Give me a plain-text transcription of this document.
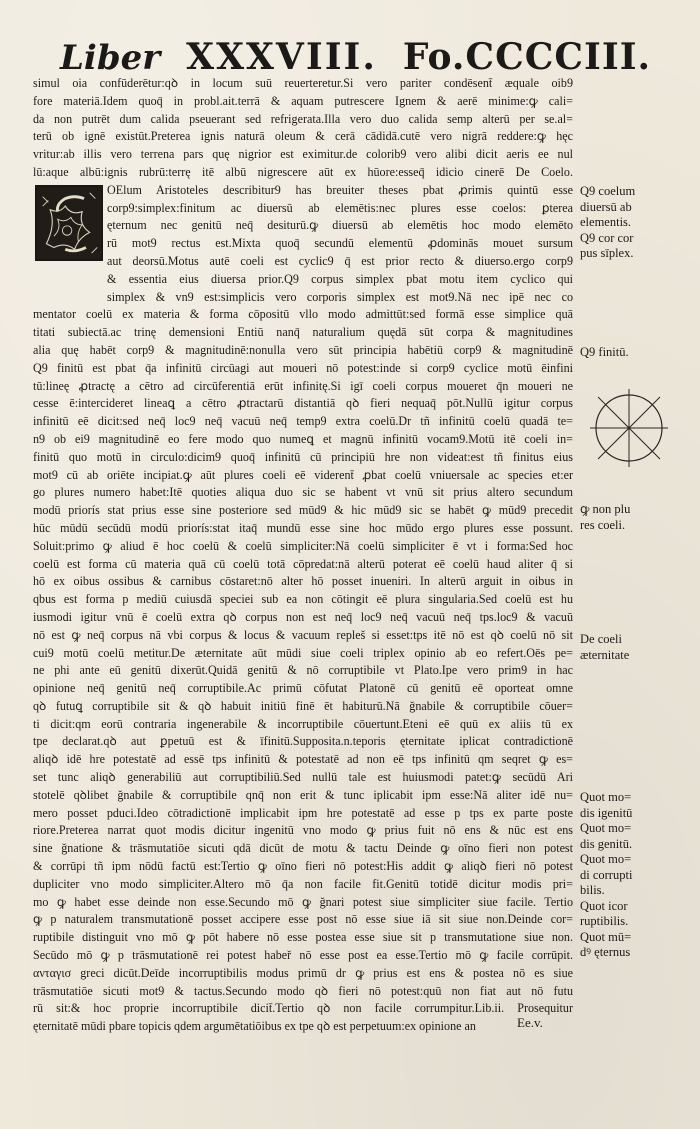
Liber XXXVIII. Fo.CCCCIII.
simul oia confūderētur:qꝺ in locum suū reuerteretur.Si vero pariter condēsent̄ æquale oib9
fore materiā.Idem quoq̄ in probl.ait.terrā & aquam putrescere Ignem & aerē minime:ꝙ cali=
da non putrēt dum calida pseuerant sed refrigerata.Illa vero duo calida semp alterū per se.al=
terū ob ignē existūt.Preterea ignis naturā oleum & cerā cādidā.cutē vero nigrā reddere:ꝙ hęc
vritur:ab illis vero terrena pars quę nigrior est eximitur.de colorib9 vero alibi dicit aeris ee nul
lū:aque albū:ignis rubrū:terrę itē albū nigrescere aūt ex hūore:esseq̄ idicio cinerē De Coelo.
OElum Aristoteles describitur9 has breuiter theses pbat ꝓrimis quintū esse
corp9:simplex:finitum ac diuersū ab elemētis:nec plures esse coelos: ꝑterea
ęternum nec genitū neq̄ desiturū.ꝙ diuersū ab elemētis hoc modo elemēto
rū mot9 rectus est.Mixta quoq̄ secundū elementū ꝓdominās mouet sursum
aut deorsū.Motus autē coeli est cyclic9 q̄ est prior recto & diuerso.ergo corp9
& essentia eius diuersa prior.Q9 corpus simplex pbat motu item cyclico qui
simplex & vn9 est:simplicis vero corporis simplex est mot9.Nā nec ipē nec co
mentator coelū ex materia & forma cōpositū vllo modo admittūt:sed formā esse simplice quā
titati subiectā.ac trinę demensioni Entiū nanq̄ naturalium quędā sūt corpa & magnitudines
alia quę habēt corp9 & magnitudinē:nonulla vero sūt principia habētiū corp9 & magnitudinē
Q9 finitū est pbat q̄a infinitū circūagi aut moueri nō potest:inde si corp9 cyclice motū ēinfini
tū:lineę ꝓtractę a cētro ad circūferentiā erūt infinitę.Si igī coeli corpus moueret q̄n moueri ne
cesse ē:intercideret lineaꝗ a cētro ꝓtractarū distantiā qꝺ fieri nequaq̄ pōt.Nullū igitur corpus
infinitū eē dicit:sed neq̄ loc9 neq̄ vacuū neq̄ temp9 extra coelū.Dr tñ infinitū coelū quadā te=
n9 ob ei9 magnitudinē eo fere modo quo numeꝗ et magnū infinitū vocam9.Motū itē coeli in=
finitū quo motū in circulo:dicim9 quoq̄ infinitū cū principiū hre non videat:est tñ finitus eius
mot9 cū ab oriēte incipiat.ꝙ aūt plures coeli eē viderent̄ ꝓbat coelū vniuersale ac species et:er
go plures numero habet:Itē quoties aliqua duo sic se habent vt vnū sit prius altero secundum
modū priorís stat prius esse sine posteriore sed mūd9 & hic mūd9 sic se habēt ꝙ mūd9 precedit
hūc mūdū secūdū modū priorís:stat itaq̄ mundū esse sine hoc mūdo ergo plures esse possunt.
Soluit:primo ꝙ aliud ē hoc coelū & coelū simpliciter:Nā coelū simpliciter ē vt i forma:Sed hoc
coelū est forma cū materia quā cū coelū totā cōpredat:nā alterū poterat eē coelū haud aliter q̄ si
hō ex oibus ossibus & carnibus cōstaret:nō alter hō posset inueniri. In alterū arguit in oibus in
qbus est forma p mediū cuiusdā speciei sub ea non cōtingit eē plura singularia.Sed coelū est hu
iusmodi igitur vnū ē coelū extra qꝺ corpus non est neq̄ loc9 neq̄ vacuū neq̄ tps.loc9 & vacuū
nō est ꝙ neq̄ corpus nā vbi corpus & locus & vacuum repleš si esset:tps itē nō est qꝺ coelū nō sit
cui9 motū coelū metitur.De æternitate aūt mūdi siue coeli triplex opinio ab eo refert.Oēs pe=
ne phi ante eū genitū dixerūt.Quidā genitū & nō corruptibile vt Plato.Ipe vero prim9 in hac
opinione neq̄ genitū neq̄ corruptibile.Ac primū cōfutat Platonē cū genitū eē oporteat omne
qꝺ futuꝗ corruptibile sit & qꝺ habuit initiū finē ēt habiturū.Nā ğnabile & corruptibile cōuer=
ti dicit:qm eorū contraria ingenerabile & incorruptibile cōuertunt.Eteni eē quū ex aliis tū ex
tpe declarat.qꝺ aut ꝑpetuū est & īfinitū.Supposita.n.teporis ęternitate iplicat contradictionē
aliqꝺ idē hre potestatē ad essē tps infinitū & potestatē ad non eē tps infinitū qm seqret ꝙ es=
set tunc aliqꝺ generabiliū aut corruptibiliū.Sed nullū tale est huiusmodi patet:ꝙ secūdū Ari
stotelē qꝺlibet ğnabile & corruptibile qnq̄ non erit & tunc iplicabit ipm esse:Nā aliter idē nu=
mero posset pduci.Ideo cōtradictionē implicabit ipm hre potestatē ad esse p tps ex parte poste
riore.Preterea narrat quot modis dicitur ingenitū vno modo ꝙ prius fuit nō ens & nūc est ens
sine ğnatione & trāsmutatiōe sicuti qdā dicūt de motu & tactu Deinde ꝙ oīno fieri non potest
& corrūpi tñ ipm nōdū factū est:Tertio ꝙ oīno fieri nō potest:His addit ꝙ aliqꝺ fieri nō potest
dupliciter vno modo simpliciter.Altero mō q̄a non facile fit.Genitū totidē dicitur modis pri=
mo ꝙ habet esse deinde non esse.Secundo mō ꝙ ğnari potest siue simpliciter siue facile. Tertio
ꝙ p naturalem transmutationē posset accipere esse post nō esse siue iā sit siue non.Deinde cor=
ruptibile distinguit vno mō ꝙ pōt habere nō esse postea esse siue sit p transmutatione siue non.
Secūdo mō ꝙ p trāsmutationē rei potest habeř nō esse post ea esse.Tertio mō ꝙ facile corrūpit.
ανταγισ greci dicūt.Deīde incorruptibilis modus primū dr ꝙ prius est ens & postea nō es siue
trāsmutatiōe sicuti mot9 & tactus.Secundo modo qꝺ fieri nō potest:quū non fiat aut nō futu
rū sit:& hoc proprie incorruptibile dicit̄.Tertio qꝺ non facile corrumpitur.Lib.ii. Prosequitur
ęternitatē mūdi pbare topicis qdem argumētatiōibus ex tpe qꝺ est perpetuum:ex opinione an
Q9 coelum
diuersū ab
elementis.
Q9 cor cor
pus sīplex.
Q9 finitū.
ꝙ non plu
res coeli.
De coeli
æternitate
Quot mo=
dis igenitū
Quot mo=
dis genitū.
Quot mo=
di corrupti
bilis.
Quot icor
ruptibilis.
Quot mū=
dꝰ ęternus
Ee.v.
